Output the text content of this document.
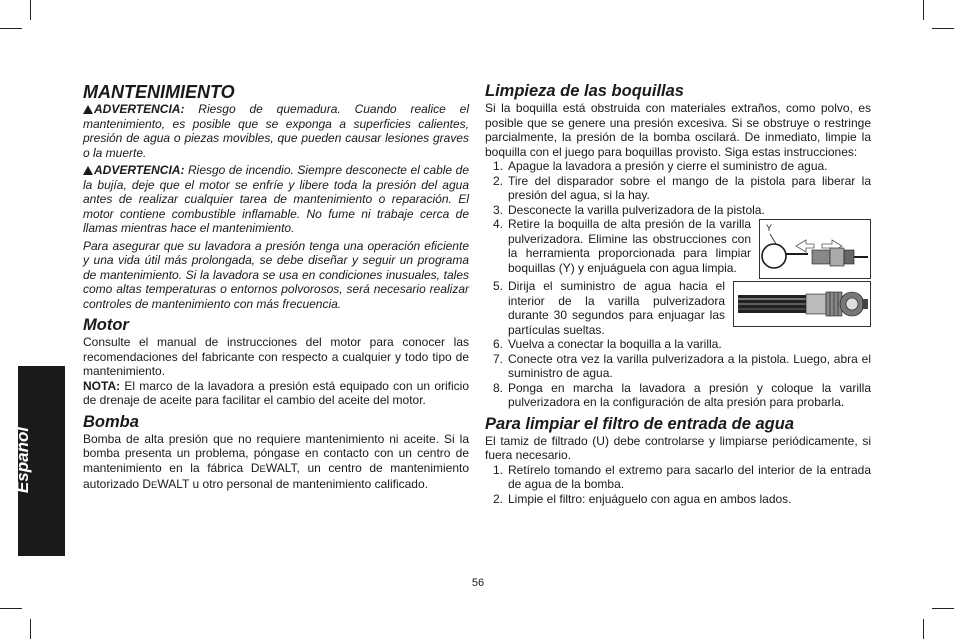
Español
MANTENIMIENTO

ADVERTENCIA: Riesgo de quemadura. Cuando realice el mantenimiento, es posible que se exponga a superficies calientes, presión de agua o piezas movibles, que pueden causar lesiones graves o la muerte.

ADVERTENCIA: Riesgo de incendio. Siempre desconecte el cable de la bujía, deje que el motor se enfríe y libere toda la presión del agua antes de realizar cualquier tarea de mantenimiento o reparación. El motor contiene combustible inflamable. No fume ni trabaje cerca de llamas mientras hace el mantenimiento.

Para asegurar que su lavadora a presión tenga una operación eficiente y una vida útil más prolongada, se debe diseñar y seguir un programa de mantenimiento. Si la lavadora se usa en condiciones inusuales, tales como altas temperaturas o entornos polvorosos, será necesario realizar controles de mantenimiento con más frecuencia.

Motor

Consulte el manual de instrucciones del motor para conocer las recomendaciones del fabricante con respecto a cualquier y todo tipo de mantenimiento.

NOTA: El marco de la lavadora a presión está equipado con un orificio de drenaje de aceite para facilitar el cambio del aceite del motor.

Bomba

Bomba de alta presión que no requiere mantenimiento ni aceite. Si la bomba presenta un problema, póngase en contacto con un centro de mantenimiento en la fábrica DEWALT, un centro de mantenimiento autorizado DEWALT u otro personal de mantenimiento calificado.

Limpieza de las boquillas

Si la boquilla está obstruida con materiales extraños, como polvo, es posible que se genere una presión excesiva. Si se obstruye o restringe parcialmente, la presión de la bomba oscilará. De inmediato, limpie la boquilla con el juego para boquillas provisto. Siga estas instrucciones:

1. Apague la lavadora a presión y cierre el suministro de agua.
2. Tire del disparador sobre el mango de la pistola para liberar la presión del agua, si la hay.
3. Desconecte la varilla pulverizadora de la pistola.
4. Retire la boquilla de alta presión de la varilla pulverizadora. Elimine las obstrucciones con la herramienta proporcionada para limpiar boquillas (Y) y enjuáguela con agua limpia.
Y
5. Dirija el suministro de agua hacia el interior de la varilla pulverizadora durante 30 segundos para enjuagar las partículas sueltas.
6. Vuelva a conectar la boquilla a la varilla.
7. Conecte otra vez la varilla pulverizadora a la pistola. Luego, abra el suministro de agua.
8. Ponga en marcha la lavadora a presión y coloque la varilla pulverizadora en la configuración de alta presión para probarla.
Para limpiar el filtro de entrada de agua

El tamiz de filtrado (U) debe controlarse y limpiarse periódicamente, si fuera necesario.

1. Retírelo tomando el extremo para sacarlo del interior de la entrada de agua de la bomba.
2. Limpie el filtro: enjuáguelo con agua en ambos lados.
56
